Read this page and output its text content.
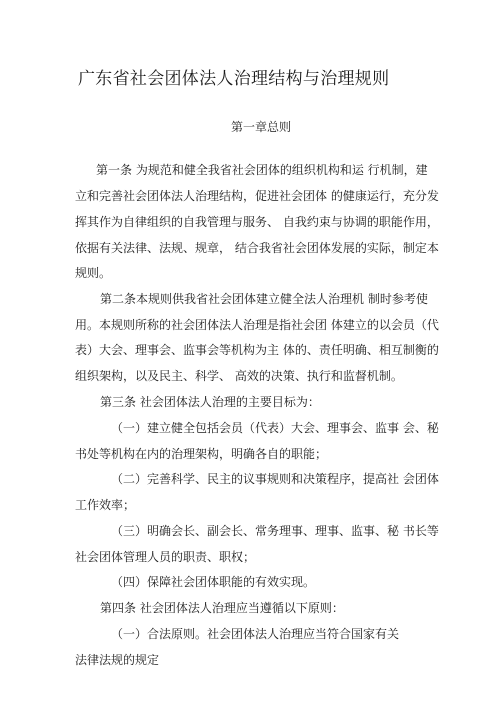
广东省社会团体法人治理结构与治理规则
第一章总则
第一条 为规范和健全我省社会团体的组织机构和运 行机制，建
立和完善社会团体法人治理结构，促进社会团体 的健康运行，充分发
挥其作为自律组织的自我管理与服务、 自我约束与协调的职能作用，
依据有关法律、法规、规章， 结合我省社会团体发展的实际，制定本
规则。
第二条本规则供我省社会团体建立健全法人治理机 制时参考使
用。本规则所称的社会团体法人治理是指社会团 体建立的以会员（代
表）大会、理事会、监事会等机构为主 体的、责任明确、相互制衡的
组织架构，以及民主、科学、 高效的决策、执行和监督机制。
第三条 社会团体法人治理的主要目标为：
（一）建立健全包括会员（代表）大会、理事会、监事 会、秘
书处等机构在内的治理架构，明确各自的职能；
（二）完善科学、民主的议事规则和决策程序，提高社 会团体
工作效率；
（三）明确会长、副会长、常务理事、理事、监事、秘 书长等
社会团体管理人员的职责、职权；
（四）保障社会团体职能的有效实现。
第四条 社会团体法人治理应当遵循以下原则：
（一）合法原则。社会团体法人治理应当符合国家有关
法律法规的规定
